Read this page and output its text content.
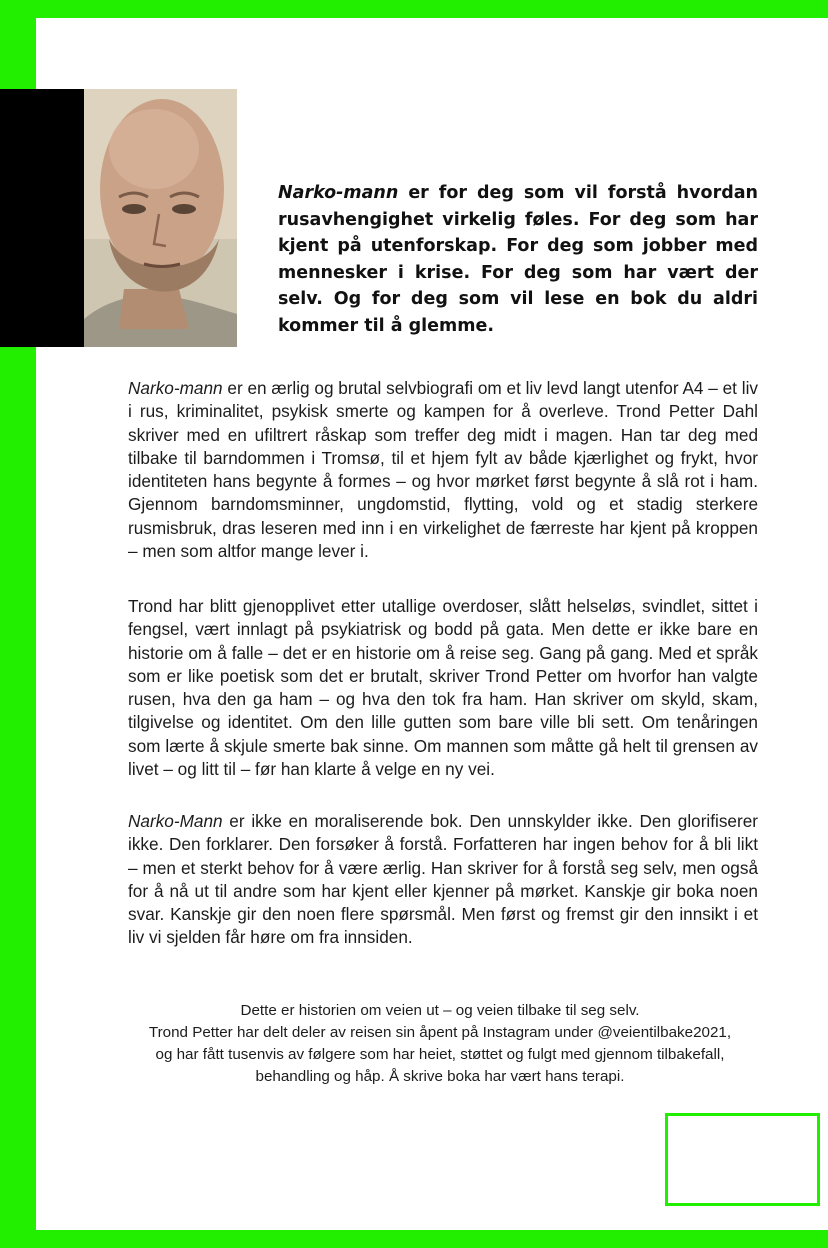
Narko-mann er for deg som vil forstå hvordan rusavhengighet virkelig føles. For deg som har kjent på utenforskap. For deg som jobber med mennesker i krise. For deg som har vært der selv. Og for deg som vil lese en bok du aldri kommer til å glemme.
Narko-mann er en ærlig og brutal selvbiografi om et liv levd langt utenfor A4 – et liv i rus, kriminalitet, psykisk smerte og kampen for å overleve. Trond Petter Dahl skriver med en ufiltrert råskap som treffer deg midt i magen. Han tar deg med tilbake til barndommen i Tromsø, til et hjem fylt av både kjærlighet og frykt, hvor identiteten hans begynte å formes – og hvor mørket først begynte å slå rot i ham. Gjennom barndomsminner, ungdomstid, flytting, vold og et stadig sterkere rusmisbruk, dras leseren med inn i en virkelighet de færreste har kjent på kroppen – men som altfor mange lever i.
Trond har blitt gjenopplivet etter utallige overdoser, slått helseløs, svindlet, sittet i fengsel, vært innlagt på psykiatrisk og bodd på gata. Men dette er ikke bare en historie om å falle – det er en historie om å reise seg. Gang på gang. Med et språk som er like poetisk som det er brutalt, skriver Trond Petter om hvorfor han valgte rusen, hva den ga ham – og hva den tok fra ham. Han skriver om skyld, skam, tilgivelse og identitet. Om den lille gutten som bare ville bli sett. Om tenåringen som lærte å skjule smerte bak sinne. Om mannen som måtte gå helt til grensen av livet – og litt til – før han klarte å velge en ny vei.
Narko-Mann er ikke en moraliserende bok. Den unnskylder ikke. Den glorifiserer ikke. Den forklarer. Den forsøker å forstå. Forfatteren har ingen behov for å bli likt – men et sterkt behov for å være ærlig. Han skriver for å forstå seg selv, men også for å nå ut til andre som har kjent eller kjenner på mørket. Kanskje gir boka noen svar. Kanskje gir den noen flere spørsmål. Men først og fremst gir den innsikt i et liv vi sjelden får høre om fra innsiden.
Dette er historien om veien ut – og veien tilbake til seg selv.
Trond Petter har delt deler av reisen sin åpent på Instagram under @veientilbake2021,
og har fått tusenvis av følgere som har heiet, støttet og fulgt med gjennom tilbakefall,
behandling og håp. Å skrive boka har vært hans terapi.
